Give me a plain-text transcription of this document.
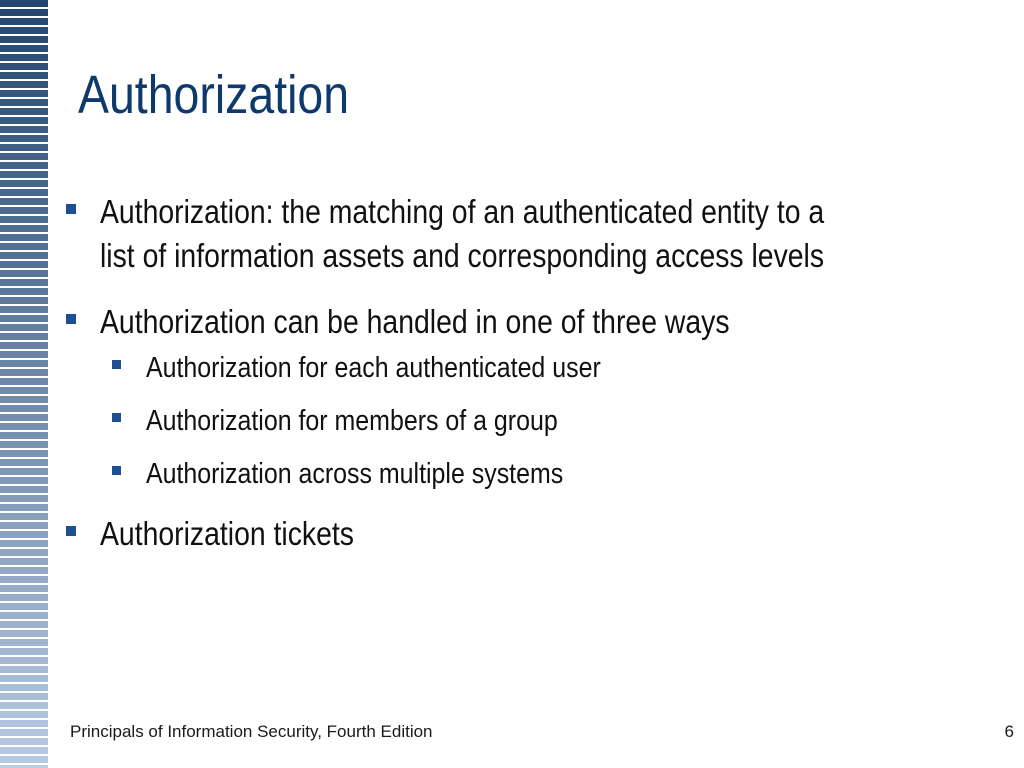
Authorization
Authorization: the matching of an authenticated entity to a
list of information assets and corresponding access levels
Authorization can be handled in one of three ways
Authorization for each authenticated user
Authorization for members of a group
Authorization across multiple systems
Authorization tickets
Principals of Information Security, Fourth Edition	6
